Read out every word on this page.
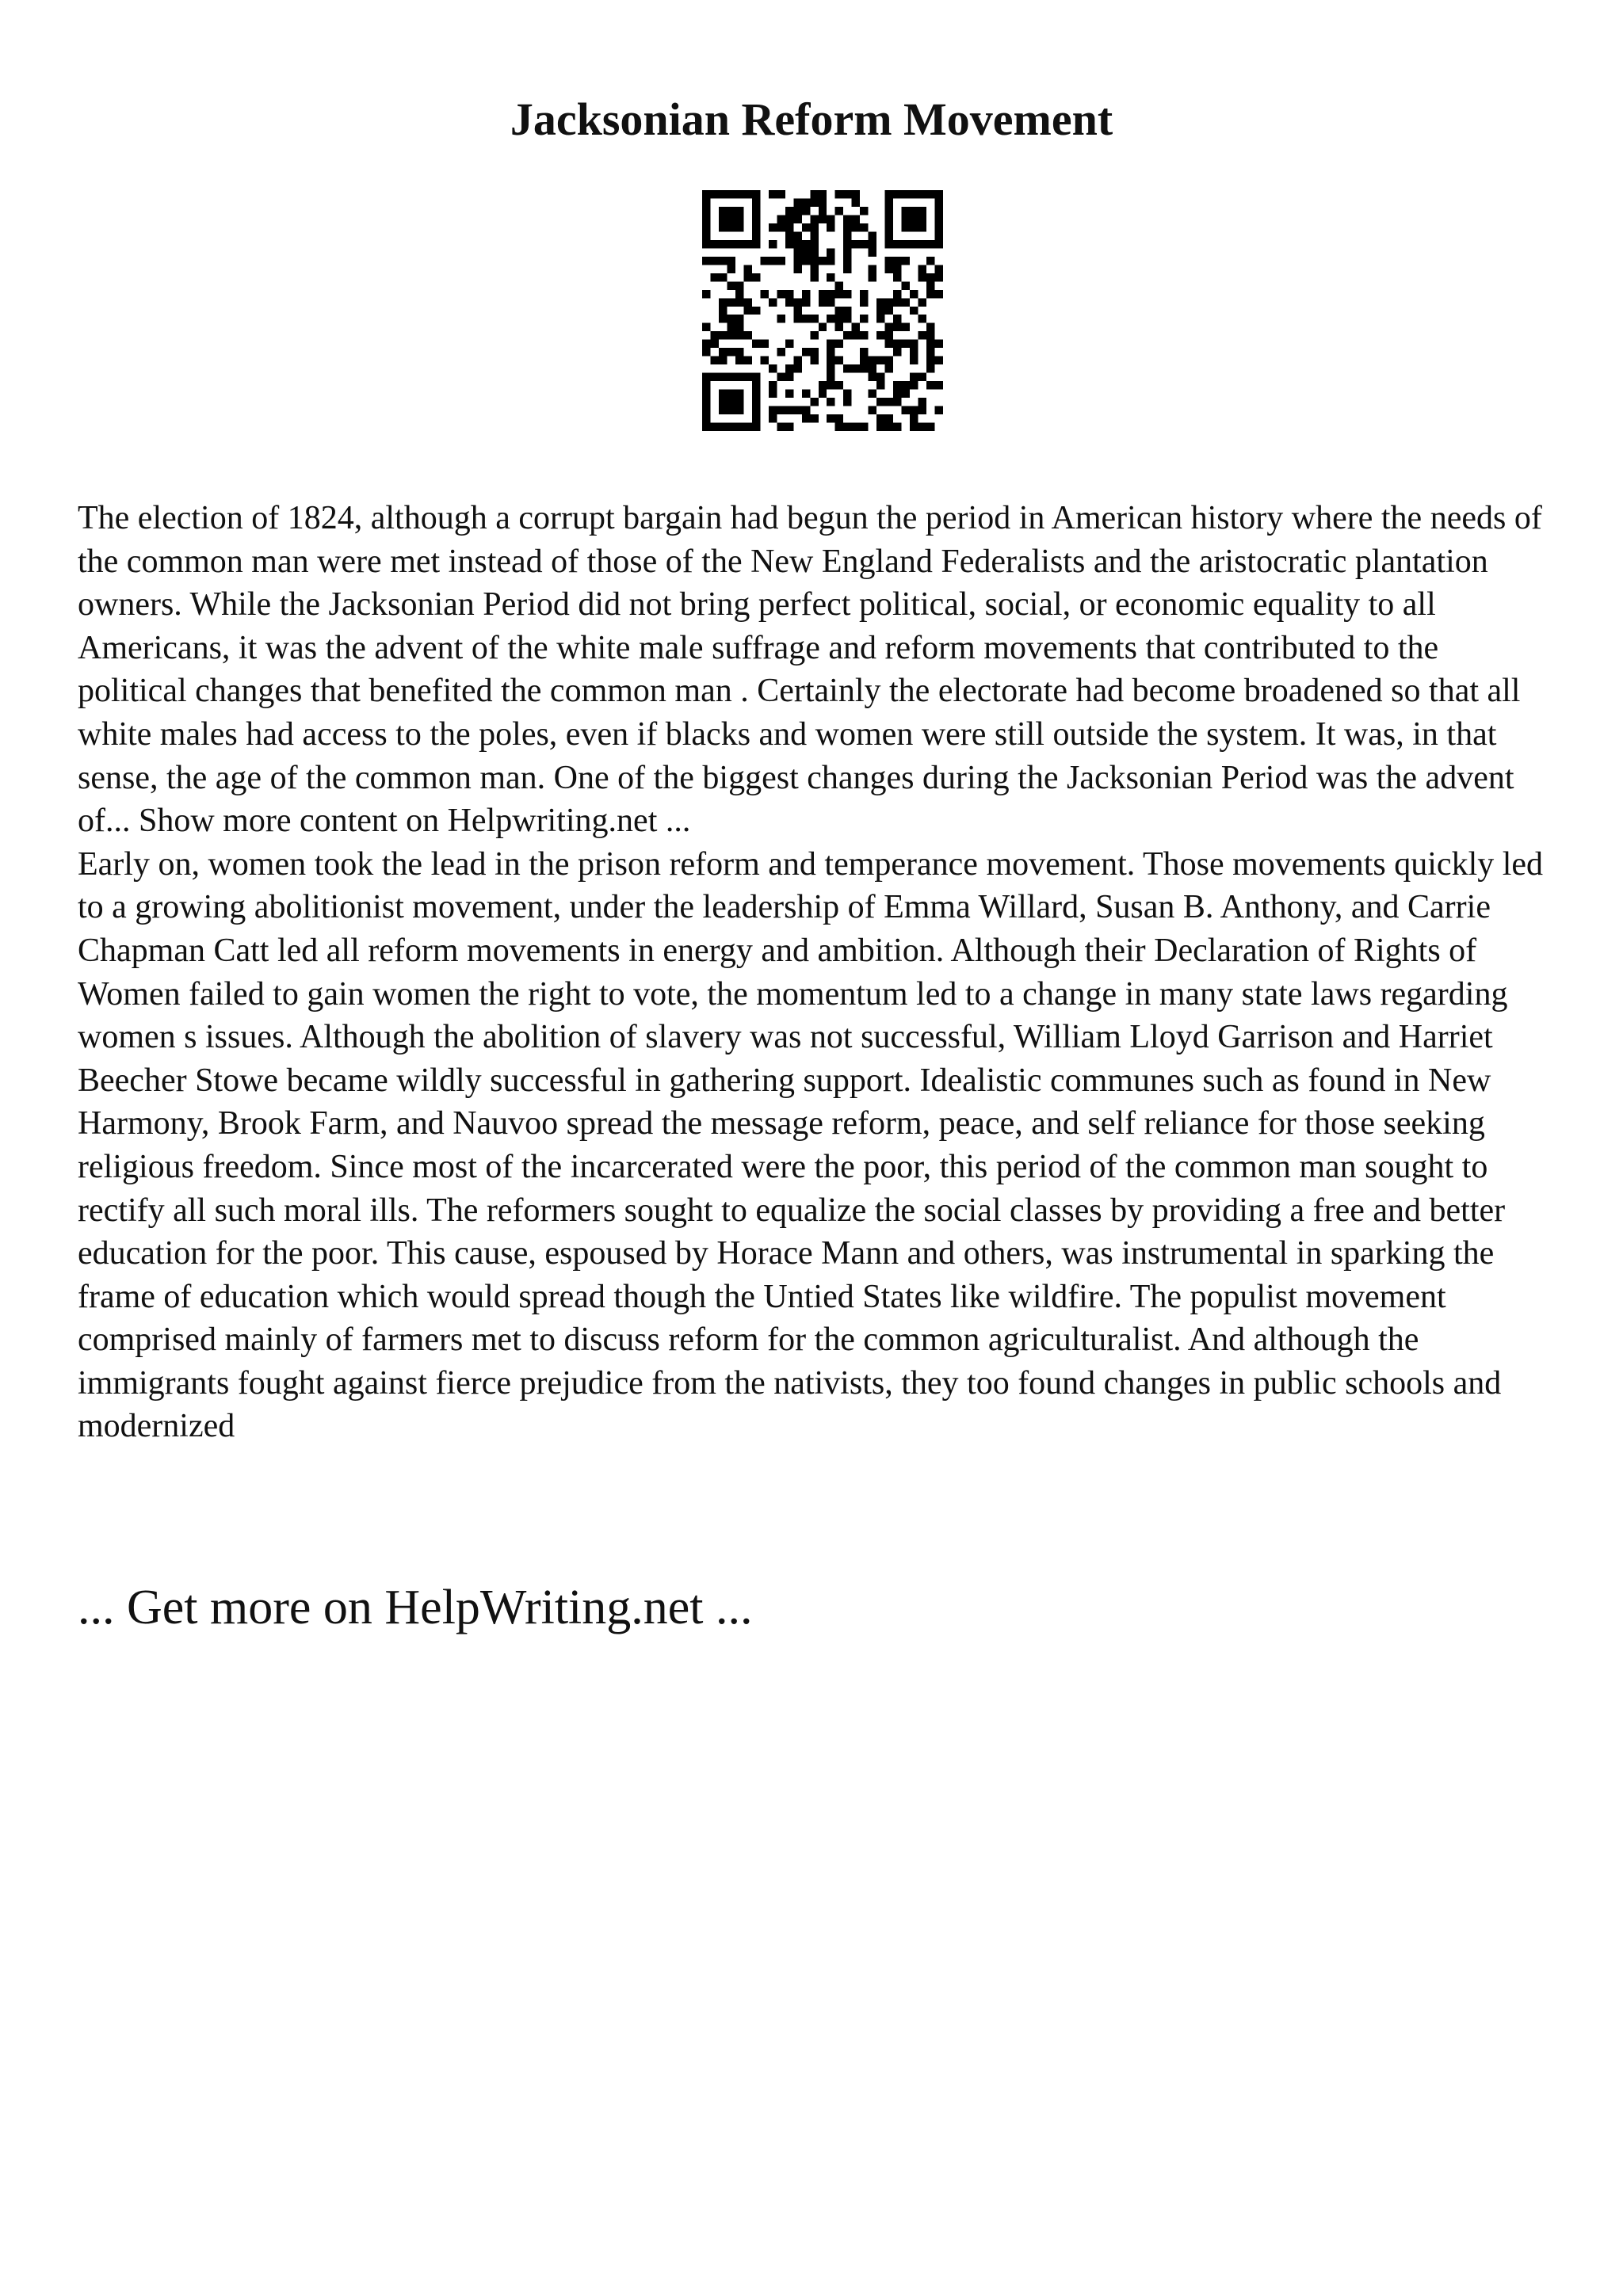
Jacksonian Reform Movement

The election of 1824, although a corrupt bargain had begun the period in American history where the needs of the common man were met instead of those of the New England Federalists and the aristocratic plantation owners. While the Jacksonian Period did not bring perfect political, social, or economic equality to all Americans, it was the advent of the white male suffrage and reform movements that contributed to the political changes that benefited the common man . Certainly the electorate had become broadened so that all white males had access to the poles, even if blacks and women were still outside the system. It was, in that sense, the age of the common man. One of the biggest changes during the Jacksonian Period was the advent of... Show more content on Helpwriting.net ...

Early on, women took the lead in the prison reform and temperance movement. Those movements quickly led to a growing abolitionist movement, under the leadership of Emma Willard, Susan B. Anthony, and Carrie Chapman Catt led all reform movements in energy and ambition. Although their Declaration of Rights of Women failed to gain women the right to vote, the momentum led to a change in many state laws regarding women s issues. Although the abolition of slavery was not successful, William Lloyd Garrison and Harriet Beecher Stowe became wildly successful in gathering support. Idealistic communes such as found in New Harmony, Brook Farm, and Nauvoo spread the message reform, peace, and self reliance for those seeking religious freedom. Since most of the incarcerated were the poor, this period of the common man sought to rectify all such moral ills. The reformers sought to equalize the social classes by providing a free and better education for the poor. This cause, espoused by Horace Mann and others, was instrumental in sparking the frame of education which would spread though the Untied States like wildfire. The populist movement comprised mainly of farmers met to discuss reform for the common agriculturalist. And although the immigrants fought against fierce prejudice from the nativists, they too found changes in public schools and modernized

... Get more on HelpWriting.net ...
